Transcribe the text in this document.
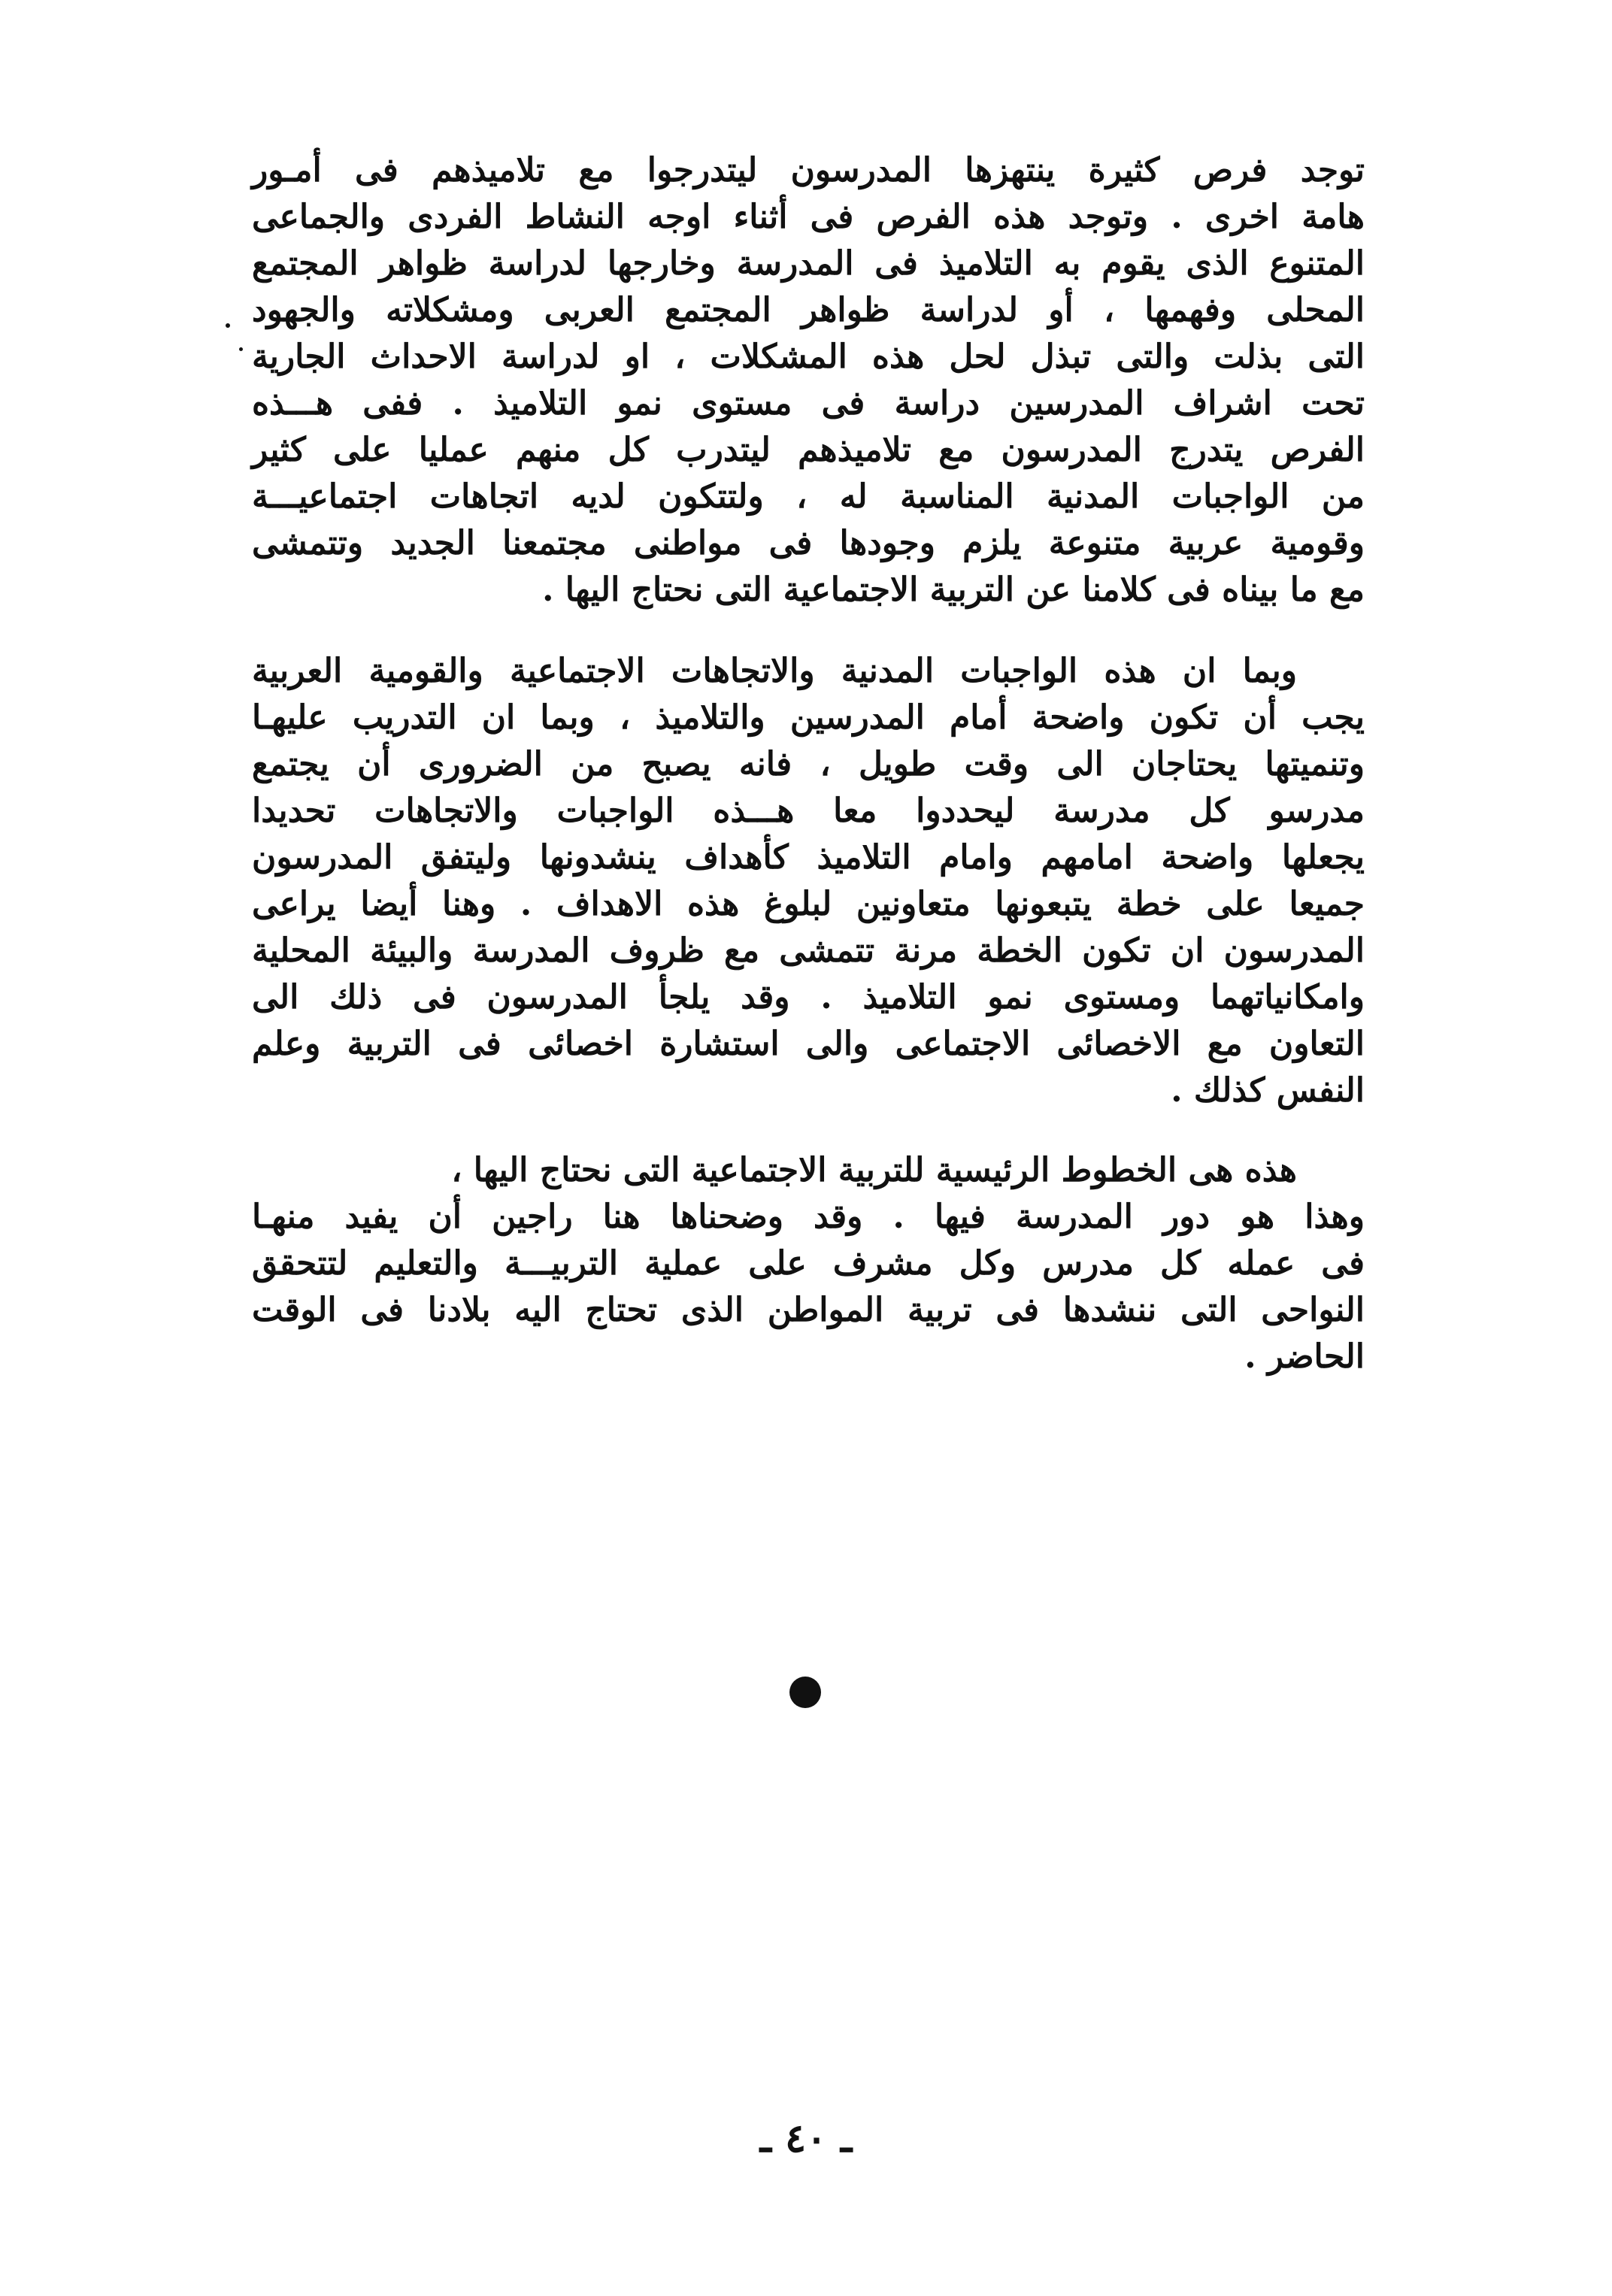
توجد فرص كثيرة ينتهزها المدرسون ليتدرجوا مع تلاميذهم فى أمـور
هامة اخرى . وتوجد هذه الفرص فى أثناء اوجه النشاط الفردى والجماعى
المتنوع الذى يقوم به التلاميذ فى المدرسة وخارجها لدراسة ظواهر المجتمع
المحلى وفهمها ، أو لدراسة ظواهر المجتمع العربى ومشكلاته والجهود
التى بذلت والتى تبذل لحل هذه المشكلات ، او لدراسة الاحداث الجارية
تحت اشراف المدرسين دراسة فى مستوى نمو التلاميذ . ففى هـــذه
الفرص يتدرج المدرسون مع تلاميذهم ليتدرب كل منهم عمليا على كثير
من الواجبات المدنية المناسبة له ، ولتتكون لديه اتجاهات اجتماعيـــة
وقومية عربية متنوعة يلزم وجودها فى مواطنى مجتمعنا الجديد وتتمشى
مع ما بيناه فى كلامنا عن التربية الاجتماعية التى نحتاج اليها .
وبما ان هذه الواجبات المدنية والاتجاهات الاجتماعية والقومية العربية
يجب أن تكون واضحة أمام المدرسين والتلاميذ ، وبما ان التدريب عليهـا
وتنميتها يحتاجان الى وقت طويل ، فانه يصبح من الضرورى أن يجتمع
مدرسو كل مدرسة ليحددوا معا هـــذه الواجبات والاتجاهات تحديدا
يجعلها واضحة امامهم وامام التلاميذ كأهداف ينشدونها وليتفق المدرسون
جميعا على خطة يتبعونها متعاونين لبلوغ هذه الاهداف . وهنا أيضا يراعى
المدرسون ان تكون الخطة مرنة تتمشى مع ظروف المدرسة والبيئة المحلية
وامكانياتهما ومستوى نمو التلاميذ . وقد يلجأ المدرسون فى ذلك الى
التعاون مع الاخصائى الاجتماعى والى استشارة اخصائى فى التربية وعلم
النفس كذلك .
هذه هى الخطوط الرئيسية للتربية الاجتماعية التى نحتاج اليها ،
وهذا هو دور المدرسة فيها . وقد وضحناها هنا راجين أن يفيد منهـا
فى عمله كل مدرس وكل مشرف على عملية التربيـــة والتعليم لتتحقق
النواحى التى ننشدها فى تربية المواطن الذى تحتاج اليه بلادنا فى الوقت
الحاضر .
ـ ٤٠ ـ
